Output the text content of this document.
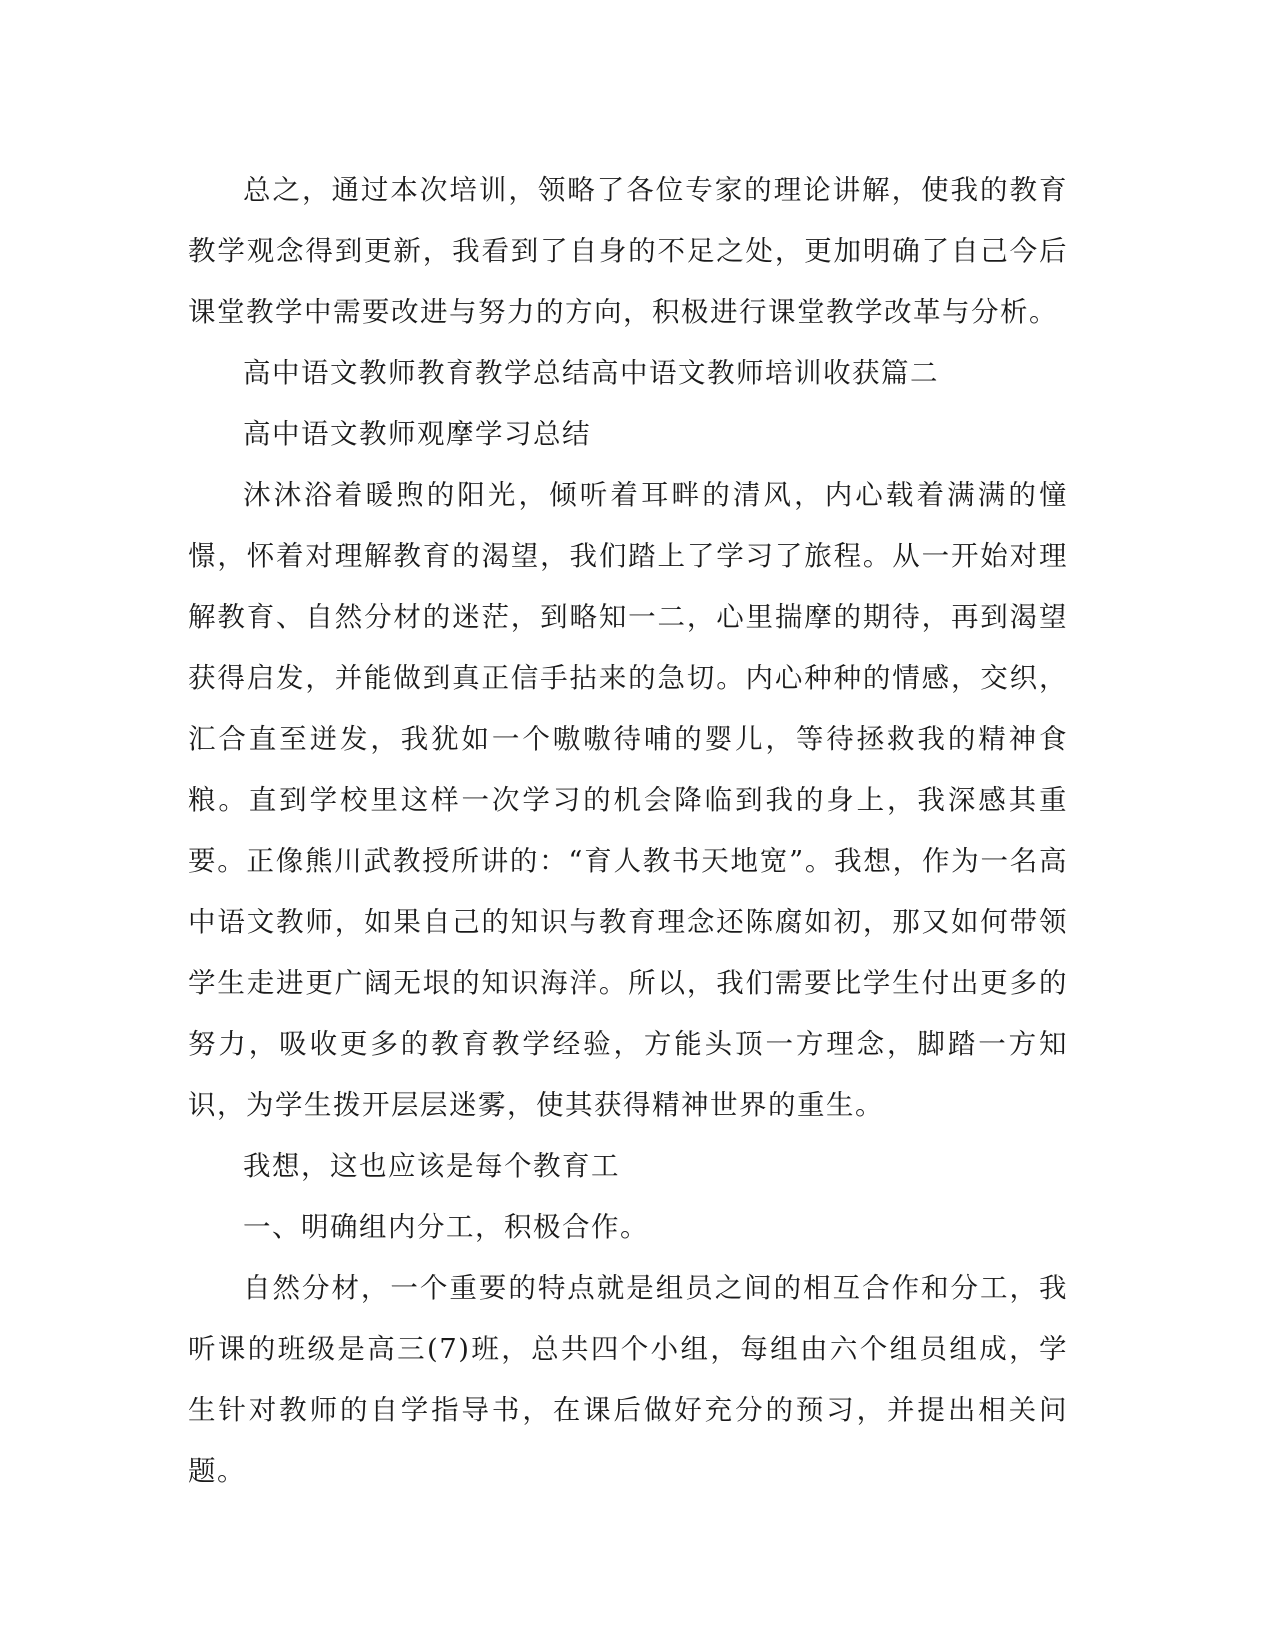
总之，通过本次培训，领略了各位专家的理论讲解，使我的教育教学观念得到更新，我看到了自身的不足之处，更加明确了自己今后课堂教学中需要改进与努力的方向，积极进行课堂教学改革与分析。

高中语文教师教育教学总结高中语文教师培训收获篇二

高中语文教师观摩学习总结

沐沐浴着暖煦的阳光，倾听着耳畔的清风，内心载着满满的憧憬，怀着对理解教育的渴望，我们踏上了学习了旅程。从一开始对理解教育、自然分材的迷茫，到略知一二，心里揣摩的期待，再到渴望获得启发，并能做到真正信手拈来的急切。内心种种的情感，交织，汇合直至迸发，我犹如一个嗷嗷待哺的婴儿，等待拯救我的精神食粮。直到学校里这样一次学习的机会降临到我的身上，我深感其重要。正像熊川武教授所讲的：“育人教书天地宽”。我想，作为一名高中语文教师，如果自己的知识与教育理念还陈腐如初，那又如何带领学生走进更广阔无垠的知识海洋。所以，我们需要比学生付出更多的努力，吸收更多的教育教学经验，方能头顶一方理念，脚踏一方知识，为学生拨开层层迷雾，使其获得精神世界的重生。

我想，这也应该是每个教育工

一、明确组内分工，积极合作。

自然分材，一个重要的特点就是组员之间的相互合作和分工，我听课的班级是高三(7)班，总共四个小组，每组由六个组员组成，学生针对教师的自学指导书，在课后做好充分的预习，并提出相关问题。
